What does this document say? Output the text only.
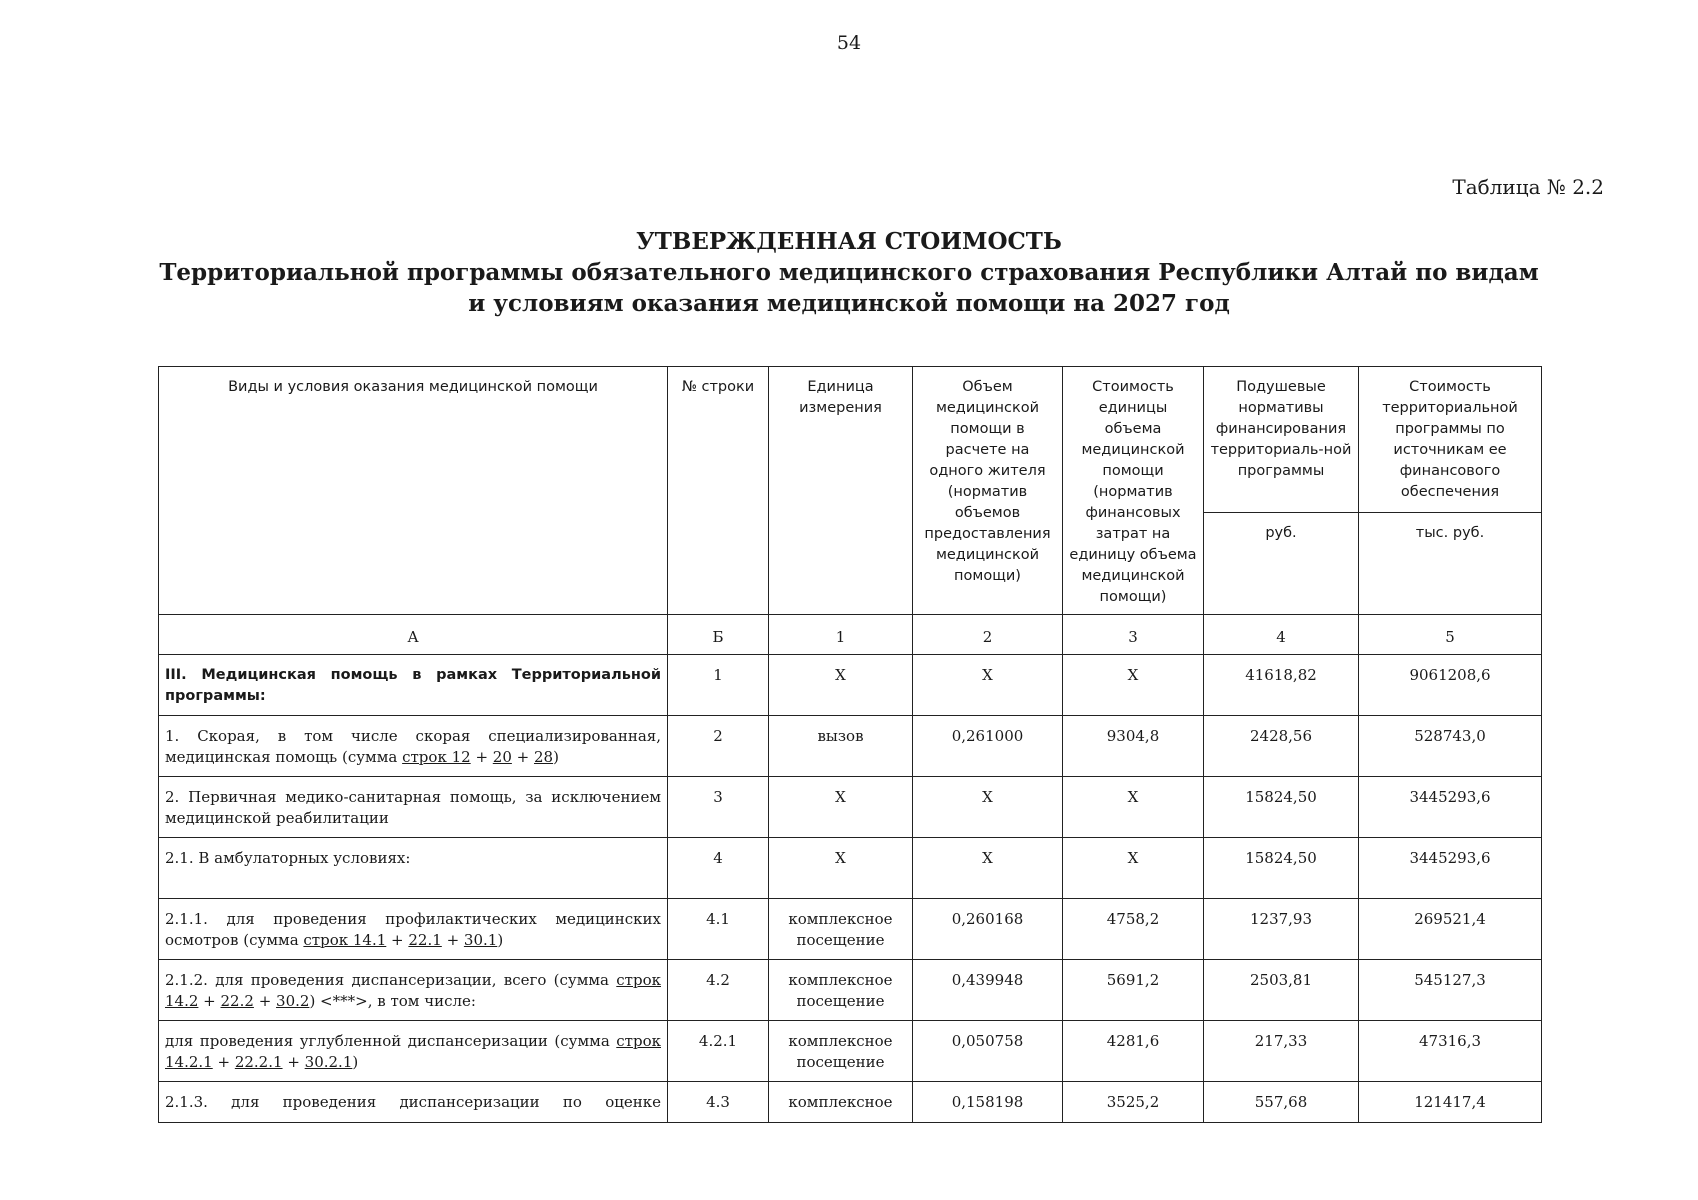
54
Таблица № 2.2
УТВЕРЖДЕННАЯ СТОИМОСТЬ
Территориальной программы обязательного медицинского страхования Республики Алтай по видам
и условиям оказания медицинской помощи на 2027 год
Виды и условия оказания медицинской помощи	№ строки	Единица измерения	Объем медицинской помощи в расчете на одного жителя (норматив объемов предоставления медицинской помощи)	Стоимость единицы объема медицинской помощи (норматив финансовых затрат на единицу объема медицинской помощи)	Подушевые нормативы финансирования территориаль-ной программы	Стоимость территориальной программы по источникам ее финансового обеспечения
					руб.	тыс. руб.
А	Б	1	2	3	4	5
III. Медицинская помощь в рамках Территориальной программы:	1	X	X	X	41618,82	9061208,6
1. Скорая, в том числе скорая специализированная, медицинская помощь (сумма строк 12 + 20 + 28)	2	вызов	0,261000	9304,8	2428,56	528743,0
2. Первичная медико-санитарная помощь, за исключением медицинской реабилитации	3	X	X	X	15824,50	3445293,6
2.1. В амбулаторных условиях:	4	X	X	X	15824,50	3445293,6
2.1.1. для проведения профилактических медицинских осмотров (сумма строк 14.1 + 22.1 + 30.1)	4.1	комплексное посещение	0,260168	4758,2	1237,93	269521,4
2.1.2. для проведения диспансеризации, всего (сумма строк 14.2 + 22.2 + 30.2) <***>, в том числе:	4.2	комплексное посещение	0,439948	5691,2	2503,81	545127,3
для проведения углубленной диспансеризации (сумма строк 14.2.1 + 22.2.1 + 30.2.1)	4.2.1	комплексное посещение	0,050758	4281,6	217,33	47316,3
2.1.3. для проведения диспансеризации по оценке	4.3	комплексное	0,158198	3525,2	557,68	121417,4
